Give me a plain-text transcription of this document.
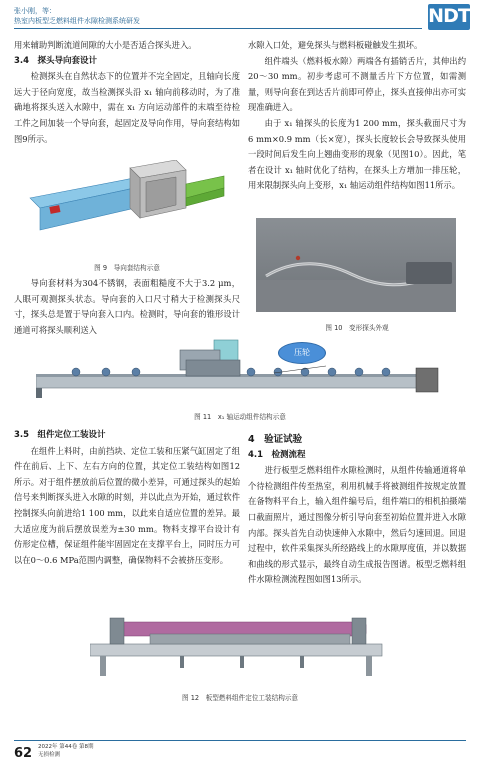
张小刚，等：
热室内板型乏燃料组件水隙检测系统研发	NDT

用来辅助判断流道间隙的大小是否适合探头进入。

3.4　探头导向套设计

检测探头在自然状态下的位置并不完全固定，且轴向长度远大于径向宽度，故当检测探头沿 x₁ 轴向前移动时，为了准确地将探头送入水隙中，需在 x₁ 方向运动部件的末端至待检工件之间加装一个导向套，起固定及导向作用，导向套结构如图9所示。

图 9　导向套结构示意

导向套材料为304不锈钢，表面粗糙度不大于3.2 μm，人眼可观测探头状态。导向套的入口尺寸稍大于检测探头尺寸，探头总是置于导向套入口内。检测时，导向套的锥形设计通道可将探头顺利送入

水隙入口处，避免探头与燃料板碰触发生损坏。

组件端头（燃料板水隙）两端各有插销舌片，其伸出约20～30 mm。初步考虑可不测量舌片下方位置，如需测量，则导向套在到达舌片前即可停止，探头直接伸出亦可实现准确进入。

由于 x₁ 轴探头的长度为1 200 mm，探头截面尺寸为6 mm×0.9 mm（长×宽），探头长度较长会导致探头使用一段时间后发生向上翘曲变形的现象（见图10）。因此，笔者在设计 x₁ 轴时优化了结构，在探头上方增加一排压轮，用来限制探头向上变形，x₁ 轴运动组件结构如图11所示。

图 10　变形探头外观
压轮
图 11　x₁ 轴运动组件结构示意
3.5　组件定位工装设计

在组件上料时，由前挡块、定位工装和压紧气缸固定了组件在前后、上下、左右方向的位置，其定位工装结构如图12所示。对于组件摆放前后位置的微小差异，可通过探头的起始信号来判断探头进入水隙的时刻，并以此点为开始，通过软件控制探头向前进给1 100 mm，以此来自适应位置的差异。最大适应度为前后摆放误差为±30 mm。物料支撑平台设计有仿形定位槽，保证组件能牢固固定在支撑平台上，同时压力可以在0～0.6 MPa范围内调整，确保物料不会被挤压变形。

4　验证试验
4.1　检测流程

进行板型乏燃料组件水隙检测时，从组件传输通道将单个待检测组件传至热室，利用机械手将被测组件按规定放置在备物料平台上，输入组件编号后，组件端口的相机拍摄端口截面照片，通过图像分析引导向套至初始位置并进入水隙内部。探头首先自动快速伸入水隙中，然后匀速回退。回退过程中，软件采集探头所经路线上的水隙厚度值，并以数据和曲线的形式显示，最终自动生成报告图谱。板型乏燃料组件水隙检测流程图如图13所示。

图 12　板型燃料组件定位工装结构示意
62 2022年 第44卷 第8期
无损检测
